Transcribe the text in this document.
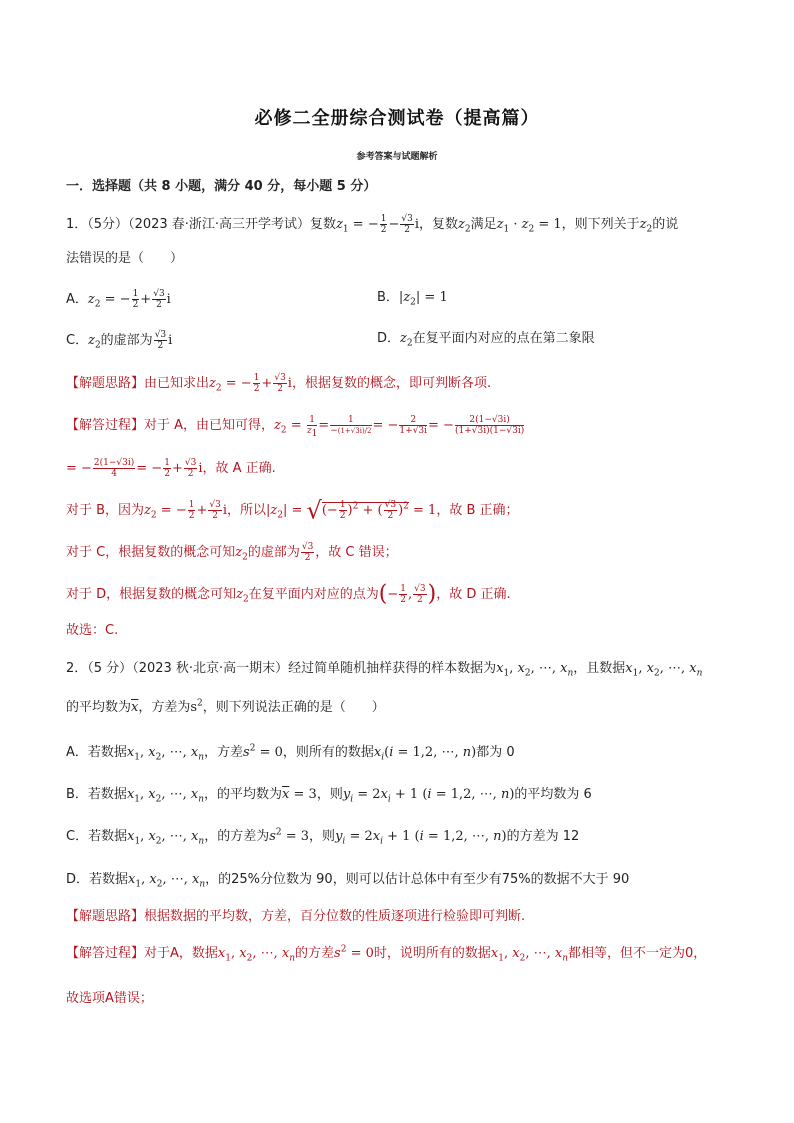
必修二全册综合测试卷（提高篇）
参考答案与试题解析
一．选择题（共 8 小题，满分 40 分，每小题 5 分）
1．（5分）（2023 春·浙江·高三开学考试）复数$z_1$ = − $\frac{1}{2} - \frac{√3}{2}$ i，复数$z_2$满足$z_1 \cdot z_2 = 1$，则下列关于$z_2$的说
法错误的是（　　）
A．$z_2$ = − $\frac{1}{2} + \frac{√3}{2}$ i	B．$|z_2| = 1$
C．$z_2$的虚部为 $\frac{√3}{2}$ i	D．$z_2$在复平面内对应的点在第二象限
【解题思路】由已知求出$z_2$ = − $\frac{1}{2} + \frac{√3}{2}$ i，根据复数的概念，即可判断各项.
【解答过程】对于 A，由已知可得，$z_2 = \frac{1}{z_1} = \frac{1}{-(1+√3i)/2}$ = − $\frac{2}{1+√3i}$ = − $\frac{2(1-√3i)}{(1+√3i)(1-√3i)}$
= − $\frac{2(1-√3i)}{4}$ = − $\frac{1}{2} + \frac{√3}{2}$ i，故 A 正确.
对于 B，因为$z_2$ = − $\frac{1}{2} + \frac{√3}{2}$ i，所以$|z_2|$ = √(− $\frac{1}{2} )^2$ + ( $\frac{√3}{2} )^2 = 1$，故 B 正确；
对于 C，根据复数的概念可知$z_2$的虚部为 $\frac{√3}{2}$ ，故 C 错误；
对于 D，根据复数的概念可知$z_2$在复平面内对应的点为(− $\frac{1}{2}$ , $\frac{√3}{2}$ )，故 D 正确.
故选：C.
2．（5 分）（2023 秋·北京·高一期末）经过简单随机抽样获得的样本数据为$x_1$, $x_2$, ⋯, $x_n$，且数据$x_1$, $x_2$, ⋯, $x_n$
的平均数为$\overline{x}$，方差为$s^2$，则下列说法正确的是（　　）
A．若数据$x_1$, $x_2$, ⋯, $x_n$，方差$s^2 = 0$，则所有的数据$x_i(i = 1,2$, ⋯, n)都为 0
B．若数据$x_1$, $x_2$, ⋯, $x_n$，的平均数为$\overline{x} = 3$，则$y_i = 2x_i + 1$ (i = 1,2, ⋯, n)的平均数为 6
C．若数据$x_1$, $x_2$, ⋯, $x_n$，的方差为$s^2 = 3$，则$y_i = 2x_i + 1$ (i = 1,2, ⋯, n)的方差为 12
D．若数据$x_1$, $x_2$, ⋯, $x_n$，的25%分位数为 90，则可以估计总体中有至少有75%的数据不大于 90
【解题思路】根据数据的平均数，方差，百分位数的性质逐项进行检验即可判断.
【解答过程】对于A，数据$x_1$, $x_2$, ⋯, $x_n$的方差$s^2 = 0$时，说明所有的数据$x_1$, $x_2$, ⋯, $x_n$都相等，但不一定为0，
故选项A错误；
